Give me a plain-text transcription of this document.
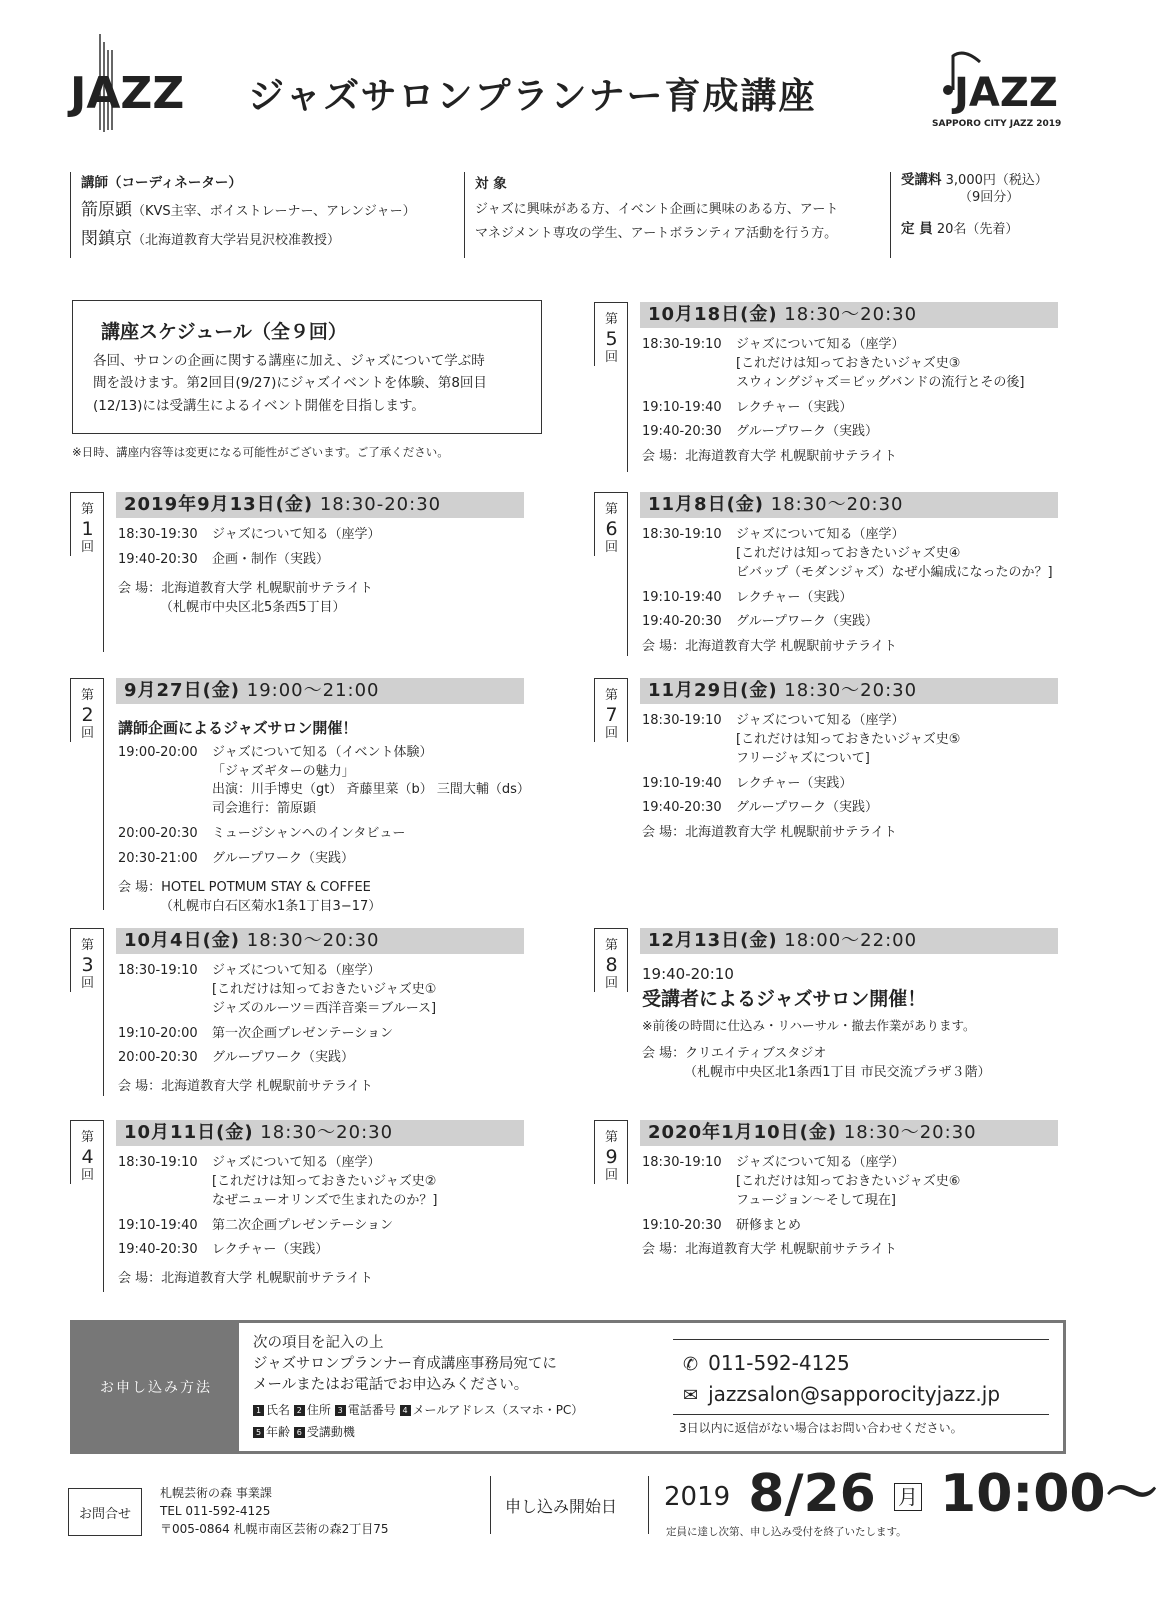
JAZZ ジャズサロンプランナー育成講座	JAZZ
SAPPORO CITY JAZZ 2019
講師（コーディネーター）
箭原顕（KVS主宰、ボイストレーナー、アレンジャー）
閔鎮京（北海道教育大学岩見沢校准教授）
対 象
ジャズに興味がある方、イベント企画に興味のある方、アート
マネジメント専攻の学生、アートボランティア活動を行う方。
受講料 3,000円（税込）
（9回分）
定 員 20名（先着）
講座スケジュール（全９回）
各回、サロンの企画に関する講座に加え、ジャズについて学ぶ時
間を設けます。第2回目(9/27)にジャズイベントを体験、第8回目
(12/13)には受講生によるイベント開催を目指します。
※日時、講座内容等は変更になる可能性がございます。ご了承ください。
第
1
回
2019年9月13日(金) 18:30-20:30
18:30-19:30	ジャズについて知る（座学）
19:40-20:30	企画・制作（実践）
会 場：北海道教育大学 札幌駅前サテライト
（札幌市中央区北5条西5丁目）
第
2
回
9月27日(金) 19:00～21:00
講師企画によるジャズサロン開催！
19:00-20:00	ジャズについて知る（イベント体験）
「ジャズギターの魅力」
出演：川手博史（gt） 斉藤里菜（b） 三間大輔（ds）
司会進行：箭原顕
20:00-20:30	ミュージシャンへのインタビュー
20:30-21:00	グループワーク（実践）
会 場：HOTEL POTMUM STAY & COFFEE
（札幌市白石区菊水1条1丁目3−17）
第
3
回
10月4日(金) 18:30～20:30
18:30-19:10	ジャズについて知る（座学）
[これだけは知っておきたいジャズ史①
ジャズのルーツ＝西洋音楽＝ブルース]
19:10-20:00	第一次企画プレゼンテーション
20:00-20:30	グループワーク（実践）
会 場：北海道教育大学 札幌駅前サテライト
第
4
回
10月11日(金) 18:30～20:30
18:30-19:10	ジャズについて知る（座学）
[これだけは知っておきたいジャズ史②
なぜニューオリンズで生まれたのか？]
19:10-19:40	第二次企画プレゼンテーション
19:40-20:30	レクチャー（実践）
会 場：北海道教育大学 札幌駅前サテライト
第
5
回
10月18日(金) 18:30～20:30
18:30-19:10	ジャズについて知る（座学）
[これだけは知っておきたいジャズ史③
スウィングジャズ＝ビッグバンドの流行とその後]
19:10-19:40	レクチャー（実践）
19:40-20:30	グループワーク（実践）
会 場：北海道教育大学 札幌駅前サテライト
第
6
回
11月8日(金) 18:30～20:30
18:30-19:10	ジャズについて知る（座学）
[これだけは知っておきたいジャズ史④
ビバップ（モダンジャズ）なぜ小編成になったのか？]
19:10-19:40	レクチャー（実践）
19:40-20:30	グループワーク（実践）
会 場：北海道教育大学 札幌駅前サテライト
第
7
回
11月29日(金) 18:30～20:30
18:30-19:10	ジャズについて知る（座学）
[これだけは知っておきたいジャズ史⑤
フリージャズについて]
19:10-19:40	レクチャー（実践）
19:40-20:30	グループワーク（実践）
会 場：北海道教育大学 札幌駅前サテライト
第
8
回
12月13日(金) 18:00～22:00
19:40-20:10
受講者によるジャズサロン開催！
※前後の時間に仕込み・リハーサル・撤去作業があります。
会 場：クリエイティブスタジオ
（札幌市中央区北1条西1丁目 市民交流プラザ３階）
第
9
回
2020年1月10日(金) 18:30～20:30
18:30-19:10	ジャズについて知る（座学）
[これだけは知っておきたいジャズ史⑥
フュージョン〜そして現在]
19:10-20:30	研修まとめ
会 場：北海道教育大学 札幌駅前サテライト
お申し込み方法
次の項目を記入の上
ジャズサロンプランナー育成講座事務局宛てに
メールまたはお電話でお申込みください。
1 氏名 2 住所 3 電話番号 4 メールアドレス（スマホ・PC）
5 年齢 6 受講動機
✆ 011-592-4125
✉ jazzsalon@sapporocityjazz.jp
3日以内に返信がない場合はお問い合わせください。
お問合せ
札幌芸術の森 事業課
TEL 011-592-4125
〒005-0864 札幌市南区芸術の森2丁目75
申し込み開始日 2019 8/26 月 10:00～
定員に達し次第、申し込み受付を終了いたします。
